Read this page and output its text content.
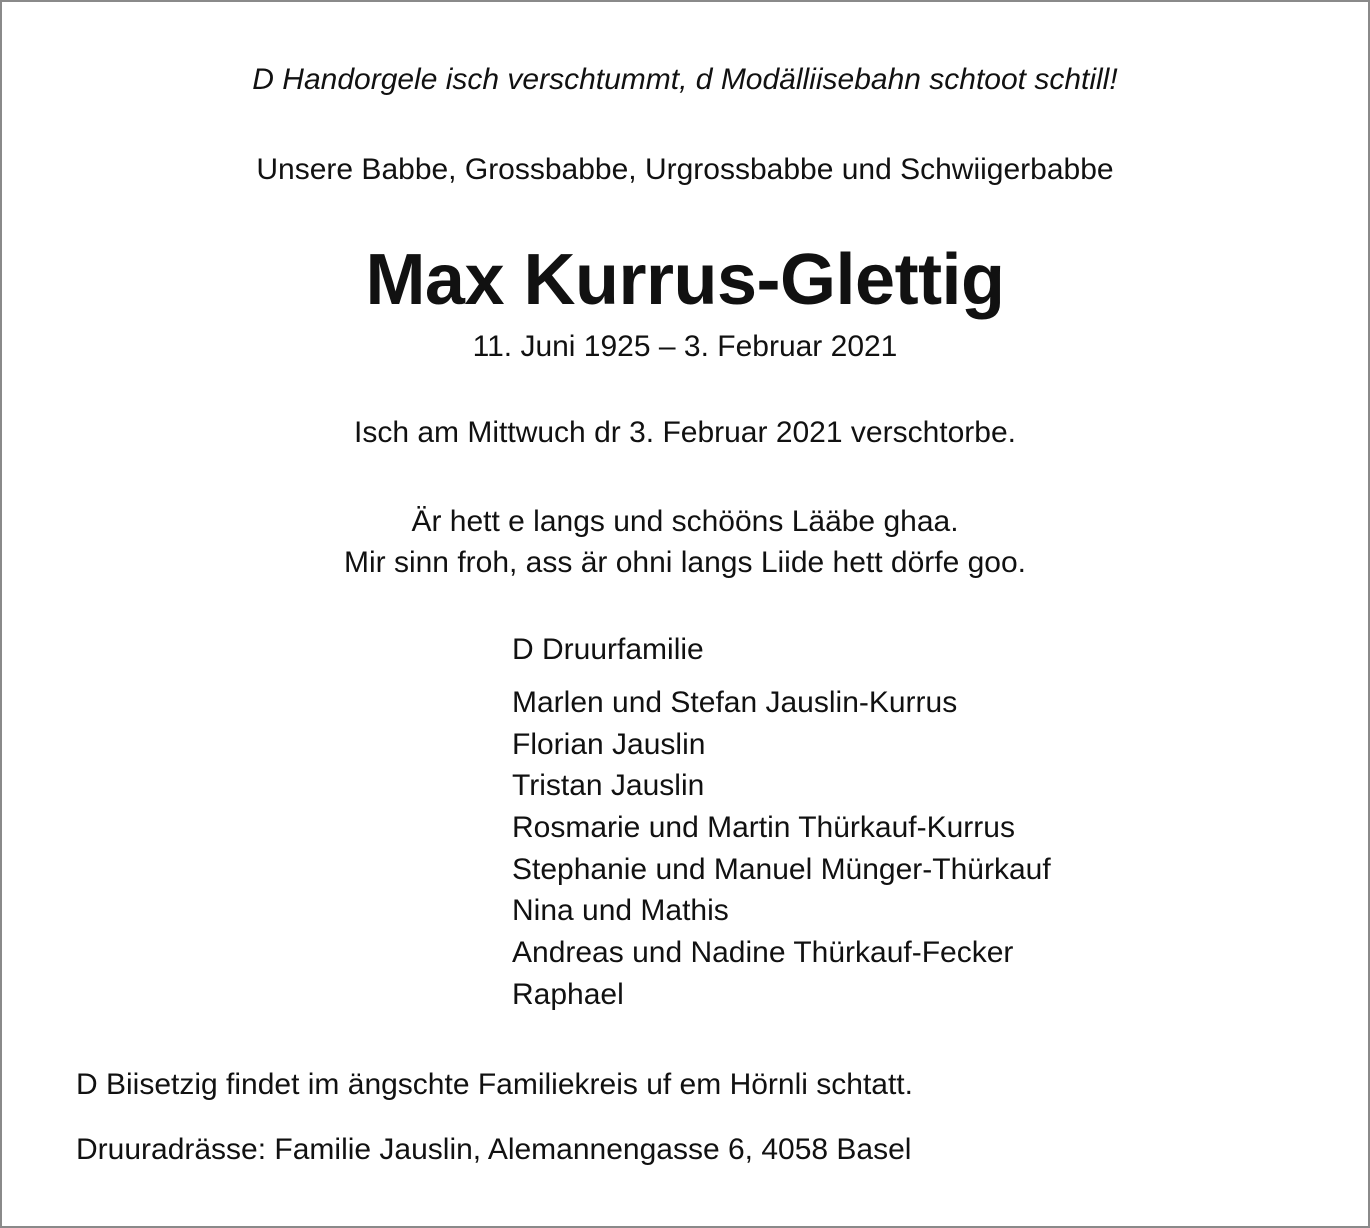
D Handorgele isch verschtummt, d Modälliisebahn schtoot schtill!
Unsere Babbe, Grossbabbe, Urgrossbabbe und Schwiigerbabbe
Max Kurrus-Glettig
11. Juni 1925 – 3. Februar 2021
Isch am Mittwuch dr 3. Februar 2021 verschtorbe.
Är hett e langs und schööns Lääbe ghaa.
Mir sinn froh, ass är ohni langs Liide hett dörfe goo.
D Druurfamilie
Marlen und Stefan Jauslin-Kurrus
Florian Jauslin
Tristan Jauslin
Rosmarie und Martin Thürkauf-Kurrus
Stephanie und Manuel Münger-Thürkauf
Nina und Mathis
Andreas und Nadine Thürkauf-Fecker
Raphael
D Biisetzig findet im ängschte Familiekreis uf em Hörnli schtatt.
Druuradrässe: Familie Jauslin, Alemannengasse 6, 4058 Basel
